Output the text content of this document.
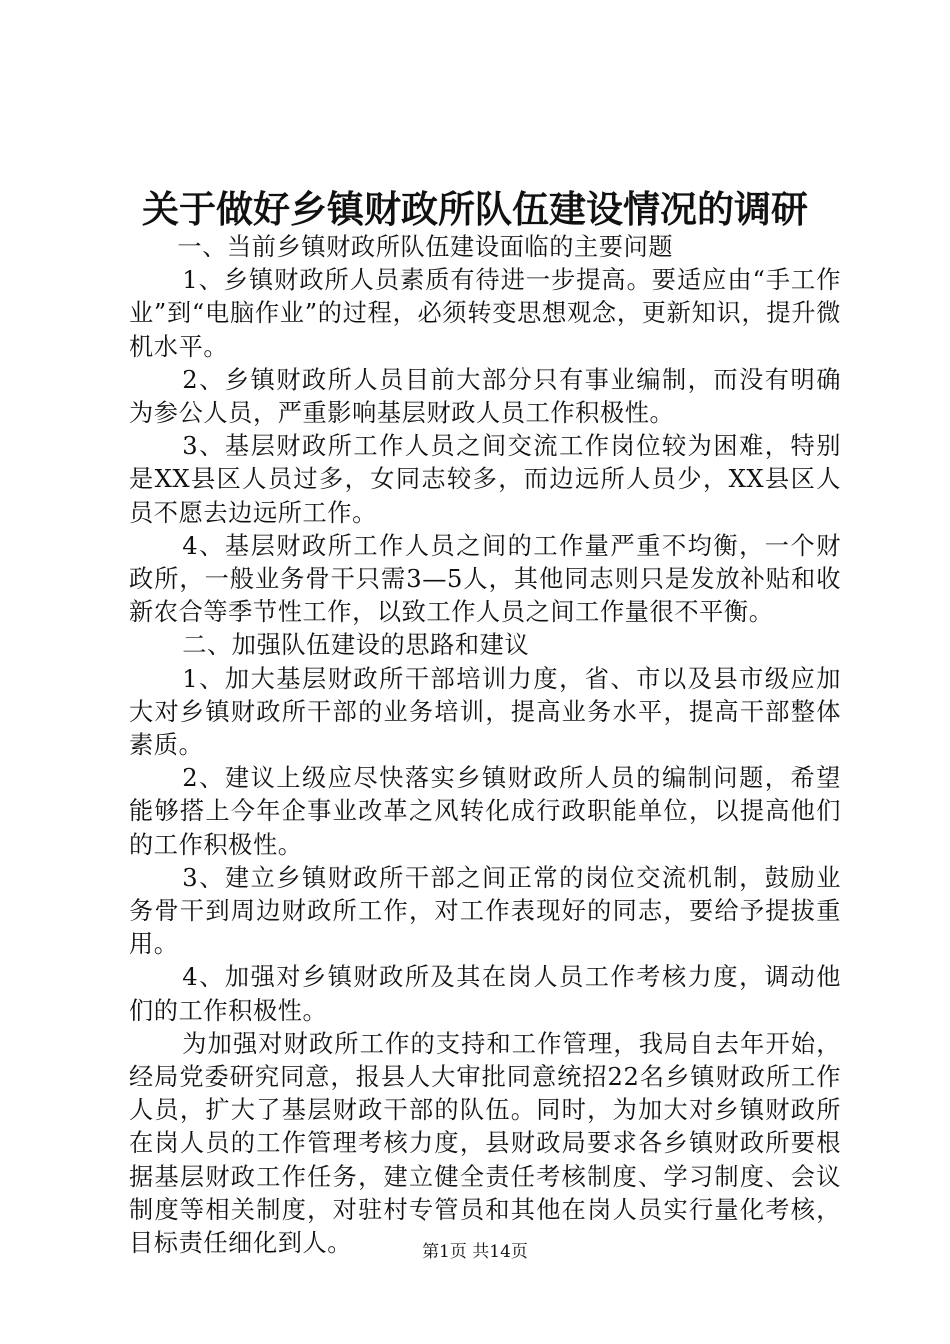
关于做好乡镇财政所队伍建设情况的调研

一、当前乡镇财政所队伍建设面临的主要问题

1、乡镇财政所人员素质有待进一步提高。要适应由“手工作业”到“电脑作业”的过程，必须转变思想观念，更新知识，提升微机水平。

2、乡镇财政所人员目前大部分只有事业编制，而没有明确为参公人员，严重影响基层财政人员工作积极性。

3、基层财政所工作人员之间交流工作岗位较为困难，特别是XX县区人员过多，女同志较多，而边远所人员少，XX县区人员不愿去边远所工作。

4、基层财政所工作人员之间的工作量严重不均衡，一个财政所，一般业务骨干只需3—5人，其他同志则只是发放补贴和收新农合等季节性工作，以致工作人员之间工作量很不平衡。

二、加强队伍建设的思路和建议

1、加大基层财政所干部培训力度，省、市以及县市级应加大对乡镇财政所干部的业务培训，提高业务水平，提高干部整体素质。

2、建议上级应尽快落实乡镇财政所人员的编制问题，希望能够搭上今年企事业改革之风转化成行政职能单位，以提高他们的工作积极性。

3、建立乡镇财政所干部之间正常的岗位交流机制，鼓励业务骨干到周边财政所工作，对工作表现好的同志，要给予提拔重用。

4、加强对乡镇财政所及其在岗人员工作考核力度，调动他们的工作积极性。

为加强对财政所工作的支持和工作管理，我局自去年开始，经局党委研究同意，报县人大审批同意统招22名乡镇财政所工作人员，扩大了基层财政干部的队伍。同时，为加大对乡镇财政所在岗人员的工作管理考核力度，县财政局要求各乡镇财政所要根据基层财政工作任务，建立健全责任考核制度、学习制度、会议制度等相关制度，对驻村专管员和其他在岗人员实行量化考核，目标责任细化到人。	第1页 共14页
